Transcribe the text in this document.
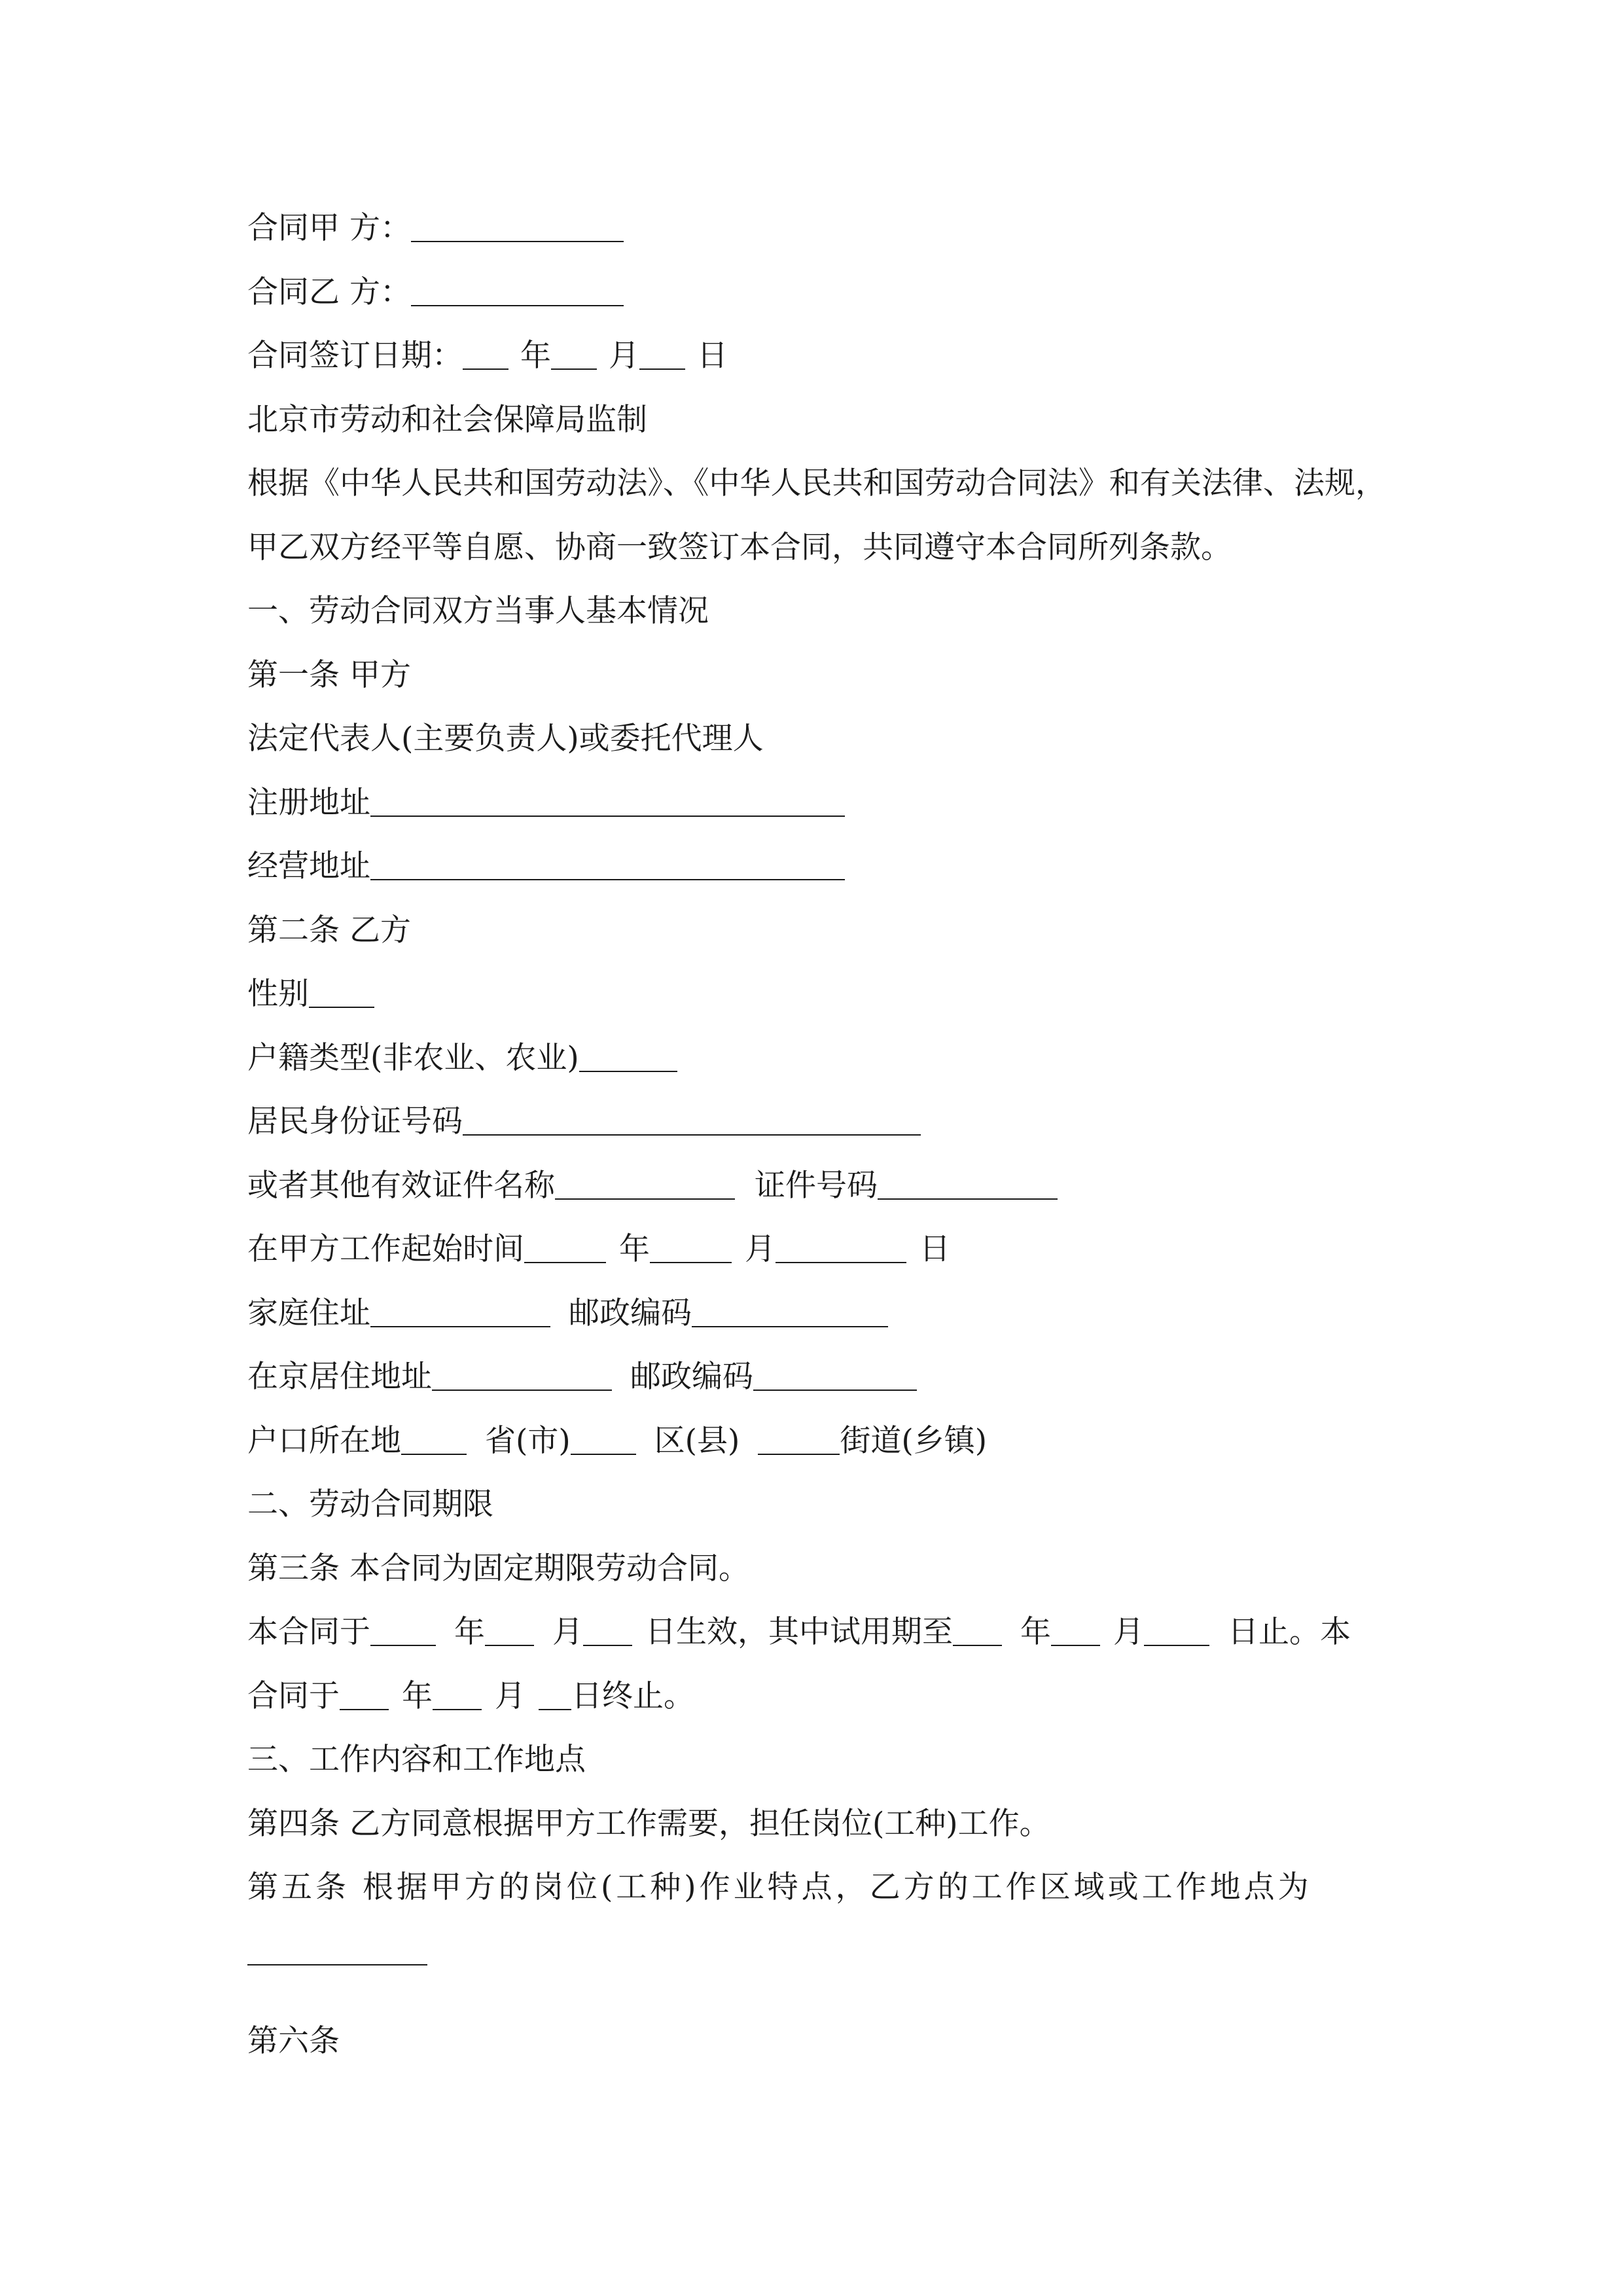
合同甲 方：
合同乙 方：
合同签订日期： 年 月 日
北京市劳动和社会保障局监制
根据《中华人民共和国劳动法》、《中华人民共和国劳动合同法》和有关法律、法规，甲乙双方经平等自愿、协商一致签订本合同，共同遵守本合同所列条款。
一、劳动合同双方当事人基本情况
第一条 甲方
法定代表人(主要负责人)或委托代理人
注册地址
经营地址
第二条 乙方
性别
户籍类型(非农业、农业)
居民身份证号码
或者其他有效证件名称	证件号码
在甲方工作起始时间	年	月	日
家庭住址	邮政编码
在京居住地址	邮政编码
户口所在地	省(市)	区(县)	街道(乡镇)
二、劳动合同期限
第三条 本合同为固定期限劳动合同。
本合同于	年 月 日生效，其中试用期至 年 月	日止。本
合同于 年 月 日终止。
三、工作内容和工作地点
第四条 乙方同意根据甲方工作需要，担任岗位(工种)工作。
第五条 根据甲方的岗位(工种)作业特点，乙方的工作区域或工作地点为
第六条
